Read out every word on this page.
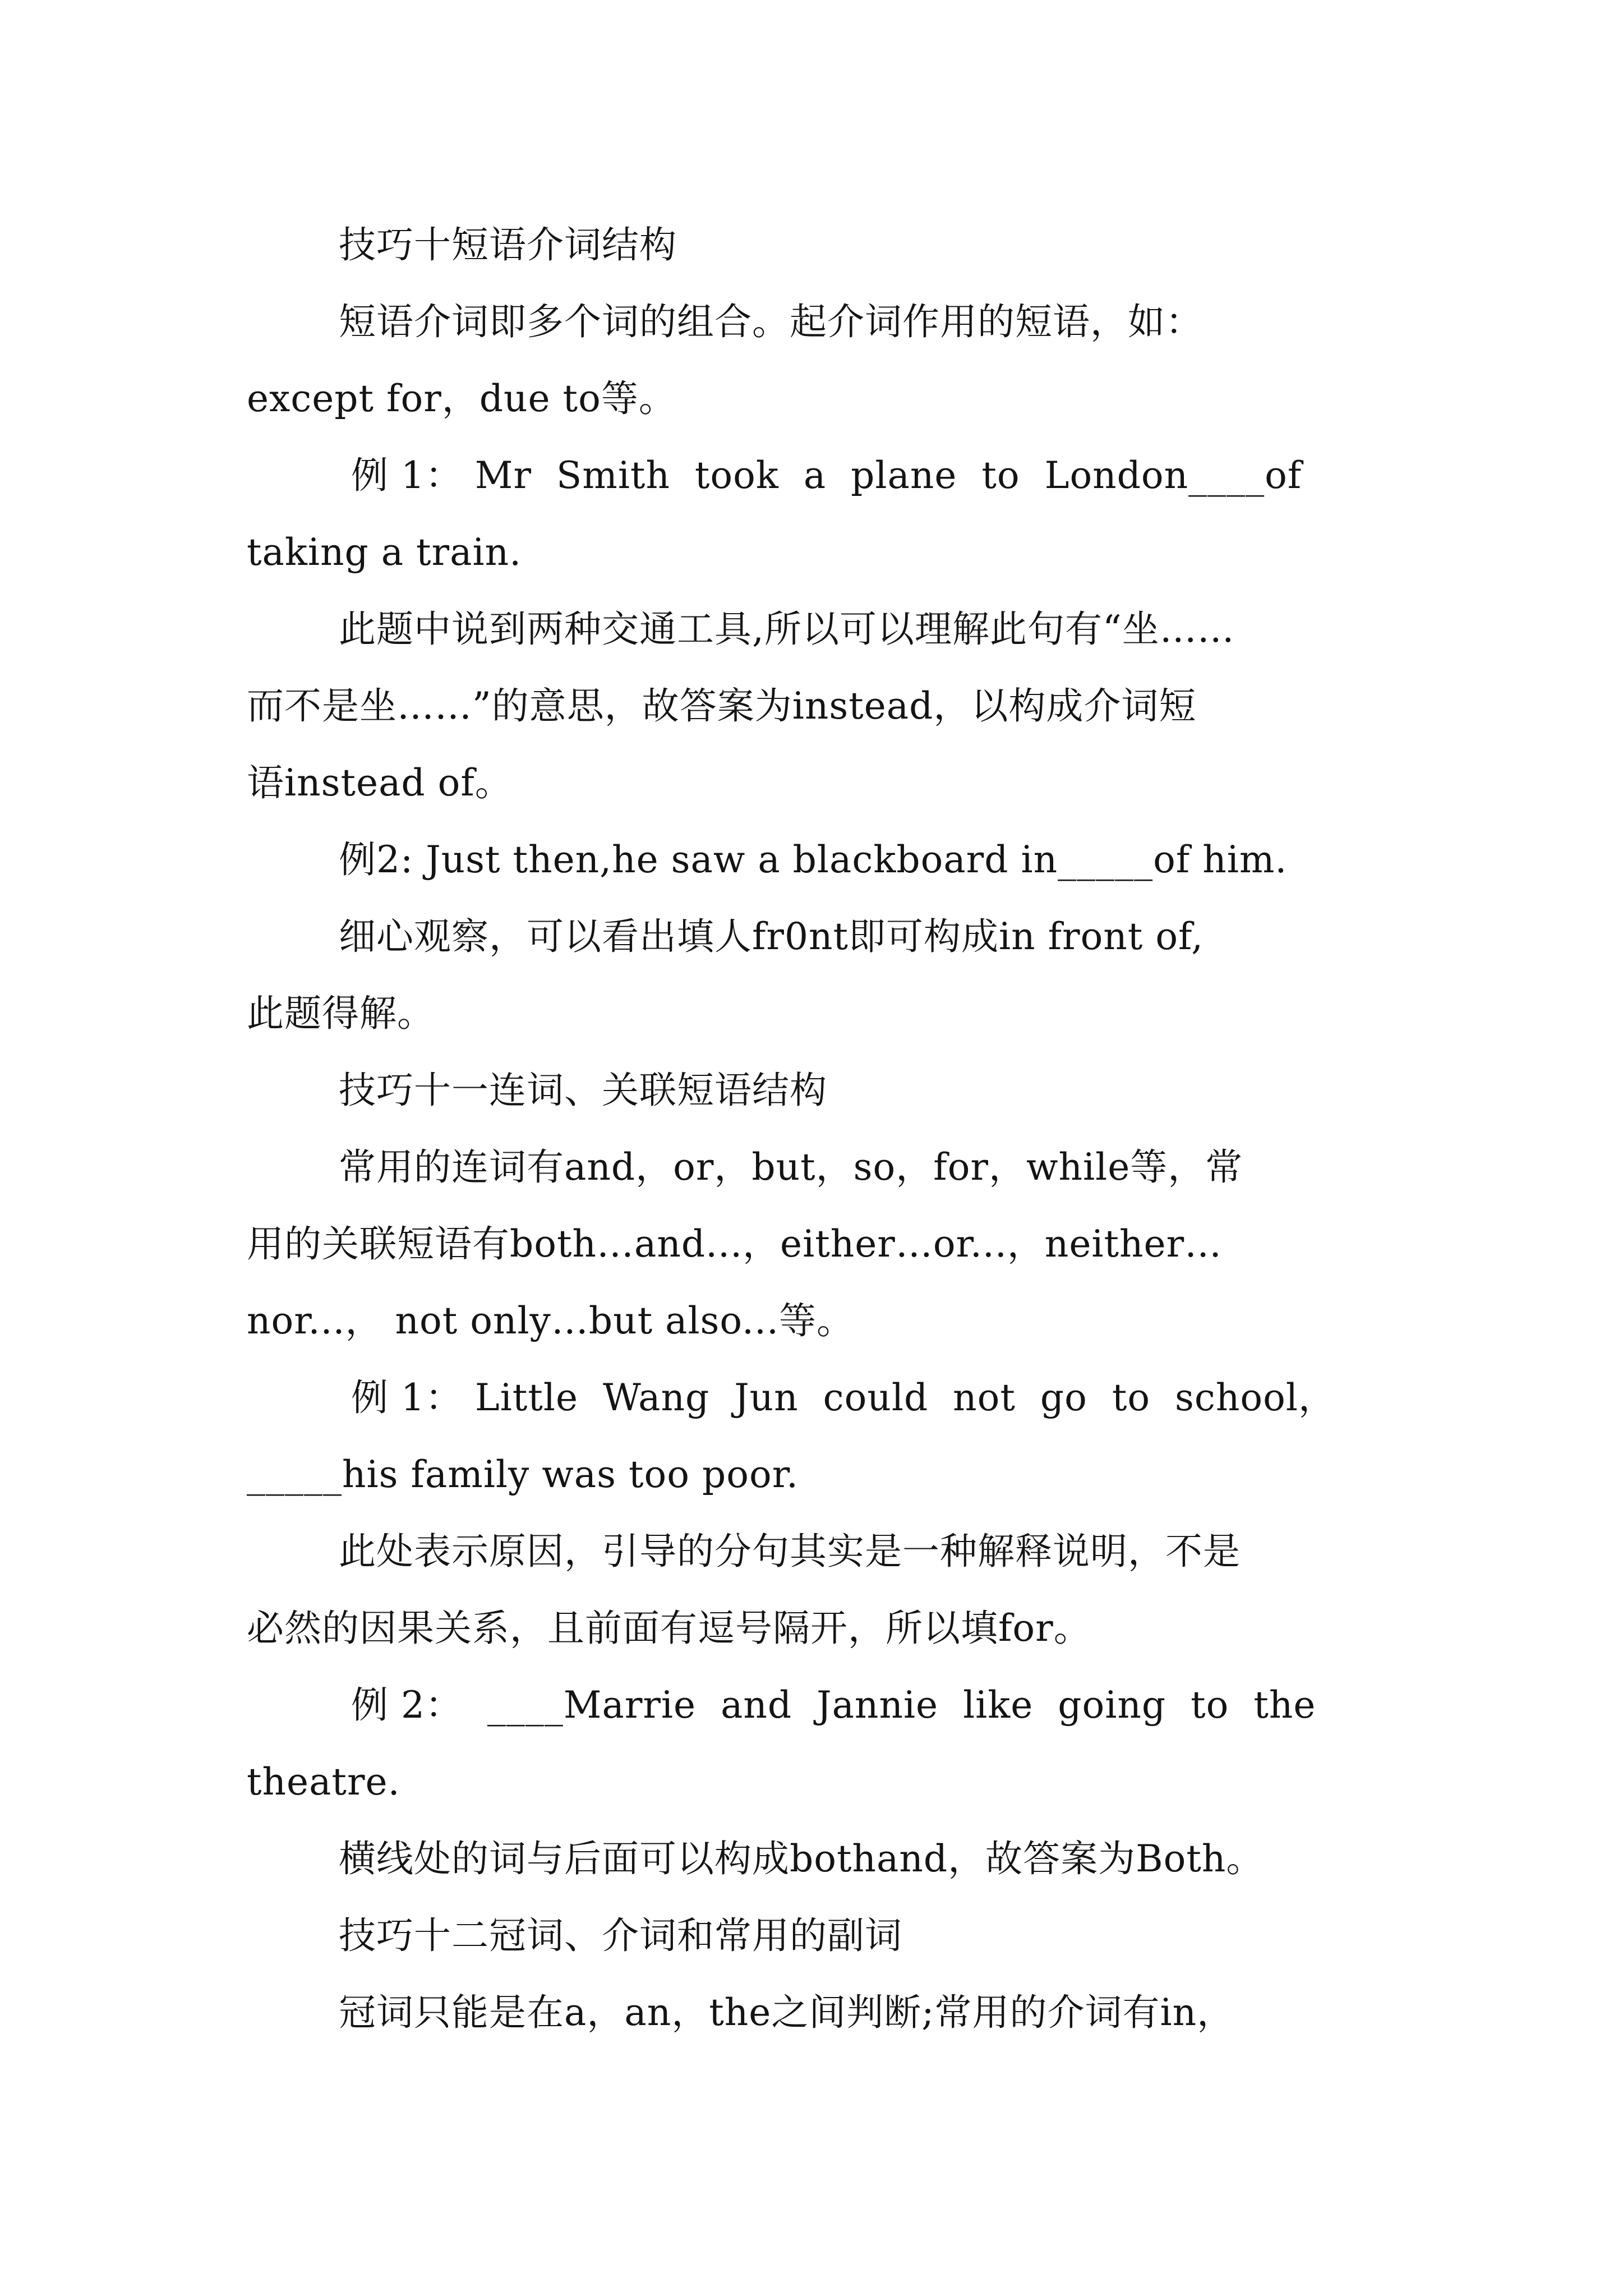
技巧十短语介词结构
短语介词即多个词的组合。起介词作用的短语，如：
except for，due to等。
例 1： Mr  Smith  took  a  plane  to  London____of
taking a train.
此题中说到两种交通工具,所以可以理解此句有“坐……
而不是坐……”的意思，故答案为instead，以构成介词短
语instead of。
例2: Just then,he saw a blackboard in_____of him.
细心观察，可以看出填人fr0nt即可构成in front of,
此题得解。
技巧十一连词、关联短语结构
常用的连词有and，or，but，so，for，while等，常
用的关联短语有both…and...，either…or...，neither…
nor...， not only…but also...等。
例 1： Little  Wang  Jun  could  not  go  to  school，
_____his family was too poor.
此处表示原因，引导的分句其实是一种解释说明，不是
必然的因果关系，且前面有逗号隔开，所以填for。
例 2：  ____Marrie  and  Jannie  like  going  to  the
theatre.
横线处的词与后面可以构成bothand，故答案为Both。
技巧十二冠词、介词和常用的副词
冠词只能是在a，an，the之间判断;常用的介词有in，
